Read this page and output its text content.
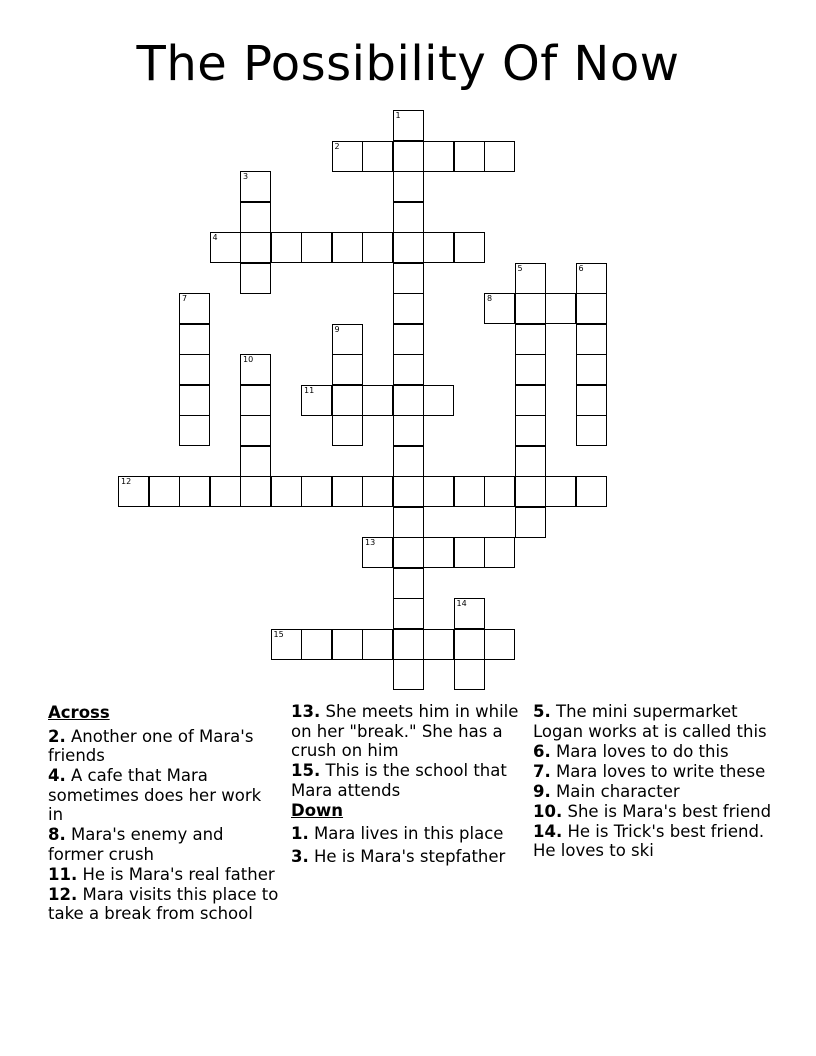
The Possibility Of Now
1
2
3
4
5	6
7	8
9
10
11
12
13
14
15
Across
2. Another one of Mara's friends
4. A cafe that Mara sometimes does her work in
8. Mara's enemy and former crush
11. He is Mara's real father
12. Mara visits this place to take a break from school
13. She meets him in while on her "break." She has a crush on him
15. This is the school that Mara attends
Down
1. Mara lives in this place
3. He is Mara's stepfather
5. The mini supermarket Logan works at is called this
6. Mara loves to do this
7. Mara loves to write these
9. Main character
10. She is Mara's best friend
14. He is Trick's best friend. He loves to ski
